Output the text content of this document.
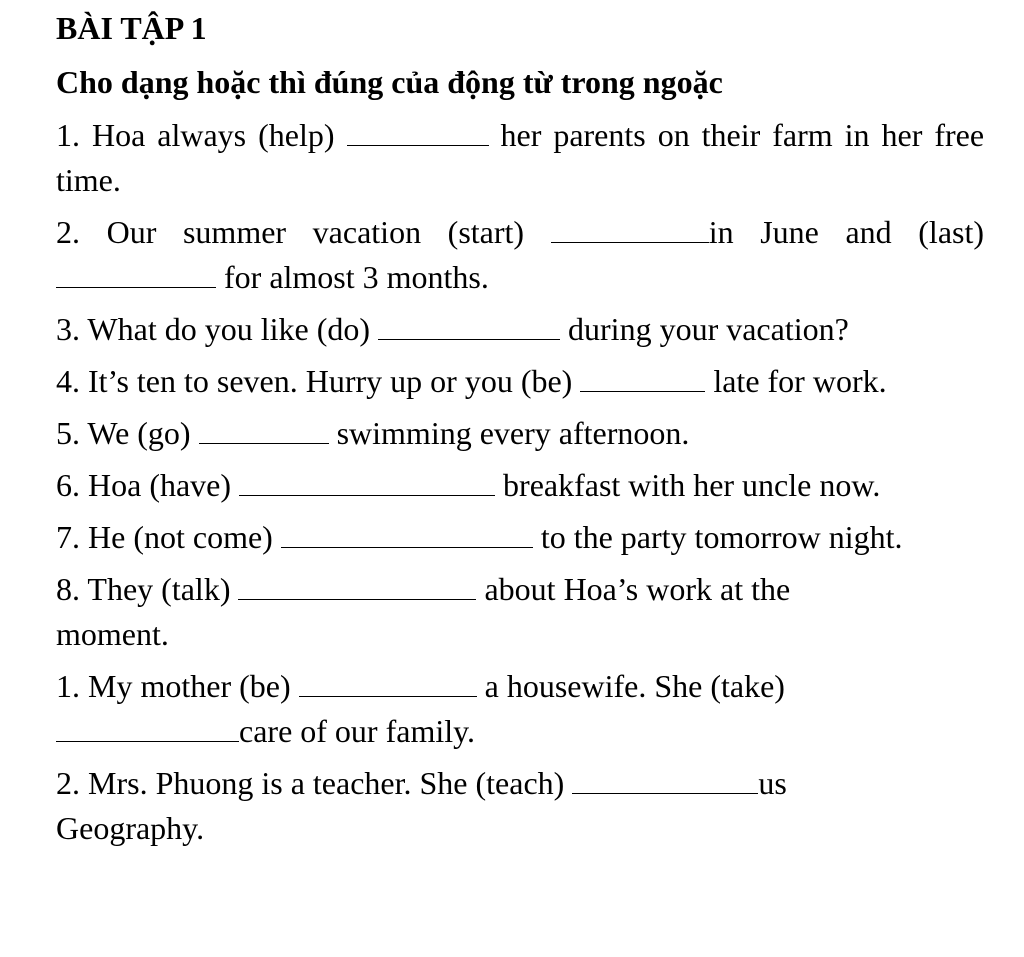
BÀI TẬP 1
Cho dạng hoặc thì đúng của động từ trong ngoặc
1. Hoa always (help)	her parents on their farm in her free time.
2. Our summer vacation (start)	in June and (last)  for almost 3 months.
3. What do you like (do)	during your vacation?
4. It’s ten to seven. Hurry up or you (be)	late for work.
5. We (go)	swimming every afternoon.
6. Hoa (have)	breakfast with her uncle now.
7. He (not come)	to the party tomorrow night.
8. They (talk)	about Hoa’s work at the
moment.
1. My mother (be)	a housewife. She (take)
care of our family.
2. Mrs. Phuong is a teacher. She (teach)	us
Geography.
